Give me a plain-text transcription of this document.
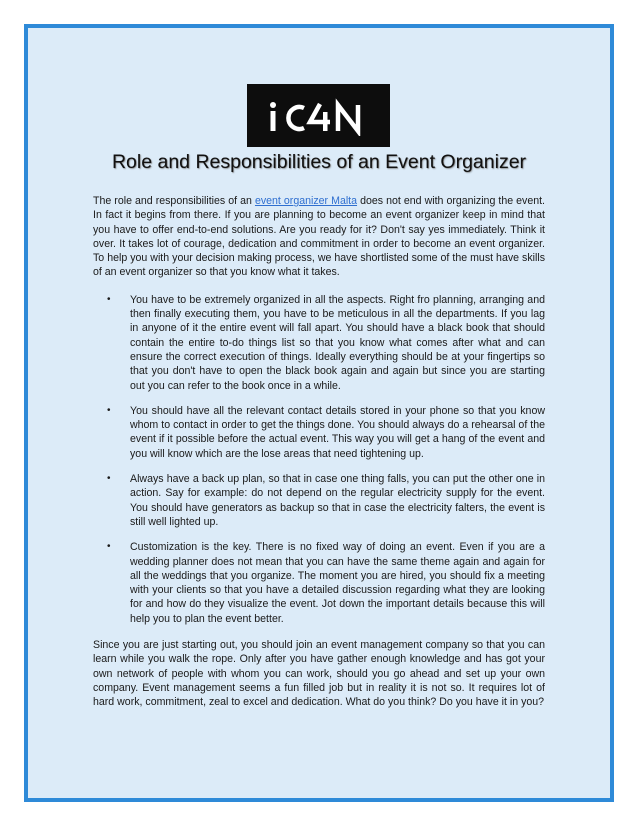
Role and Responsibilities of an Event Organizer

The role and responsibilities of an event organizer Malta does not end with organizing the event. In fact it begins from there. If you are planning to become an event organizer keep in mind that you have to offer end-to-end solutions. Are you ready for it? Don't say yes immediately. Think it over. It takes lot of courage, dedication and commitment in order to become an event organizer. To help you with your decision making process, we have shortlisted some of the must have skills of an event organizer so that you know what it takes.

• You have to be extremely organized in all the aspects. Right fro planning, arranging and then finally executing them, you have to be meticulous in all the departments. If you lag in anyone of it the entire event will fall apart. You should have a black book that should contain the entire to-do things list so that you know what comes after what and can ensure the correct execution of things. Ideally everything should be at your fingertips so that you don't have to open the black book again and again but since you are starting out you can refer to the book once in a while.
• You should have all the relevant contact details stored in your phone so that you know whom to contact in order to get the things done. You should always do a rehearsal of the event if it possible before the actual event. This way you will get a hang of the event and you will know which are the lose areas that need tightening up.
• Always have a back up plan, so that in case one thing falls, you can put the other one in action. Say for example: do not depend on the regular electricity supply for the event. You should have generators as backup so that in case the electricity falters, the event is still well lighted up.
• Customization is the key. There is no fixed way of doing an event. Even if you are a wedding planner does not mean that you can have the same theme again and again for all the weddings that you organize. The moment you are hired, you should fix a meeting with your clients so that you have a detailed discussion regarding what they are looking for and how do they visualize the event. Jot down the important details because this will help you to plan the event better.

Since you are just starting out, you should join an event management company so that you can learn while you walk the rope. Only after you have gather enough knowledge and has got your own network of people with whom you can work, should you go ahead and set up your own company. Event management seems a fun filled job but in reality it is not so. It requires lot of hard work, commitment, zeal to excel and dedication. What do you think? Do you have it in you?
